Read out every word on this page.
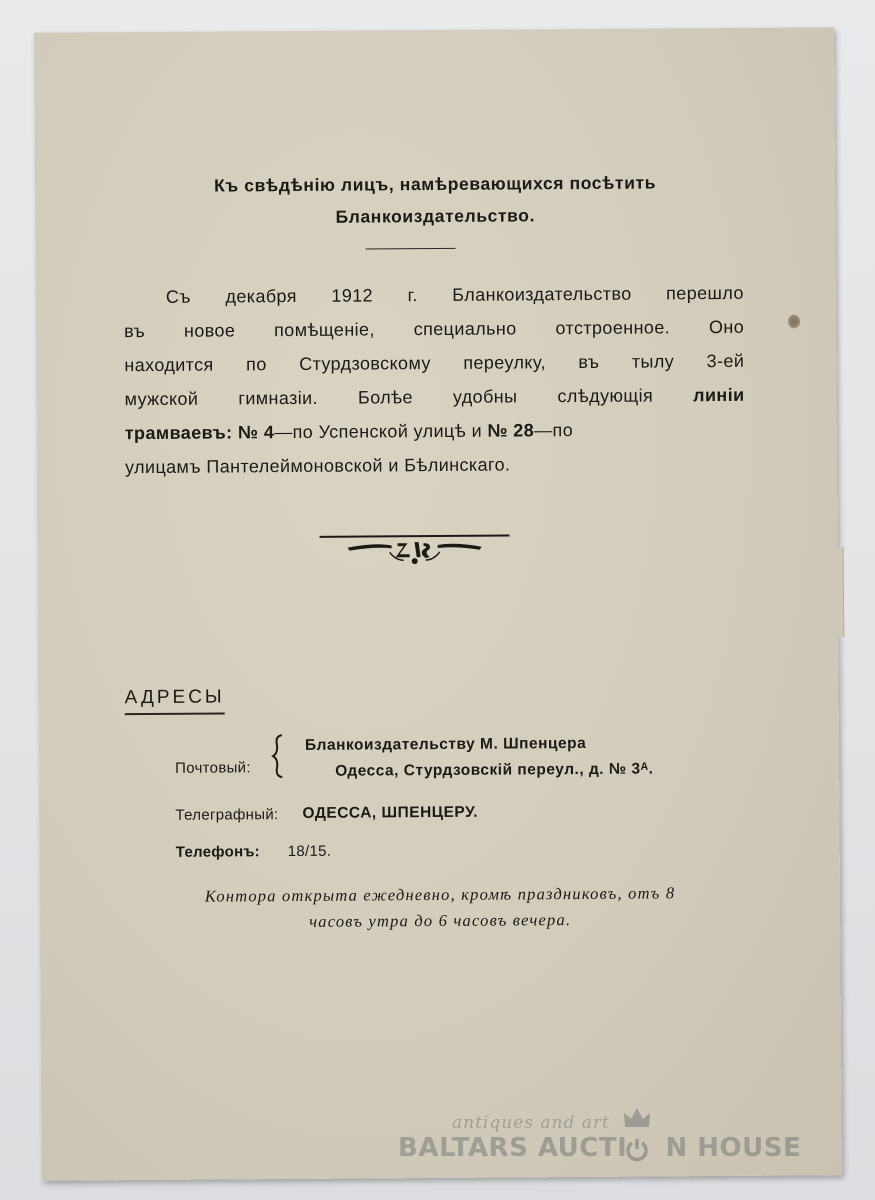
Къ свѣдѣнію лицъ, намѣревающихся посѣтить
Бланкоиздательство.
Съ декабря 1912 г. Бланкоиздательство перешло
въ новое помѣщеніе, специально отстроенное. Оно
находится по Стурдзовскому переулку, въ тылу 3-ей
мужской гимназіи. Болѣе удобны слѣдующія линіи
трамваевъ: № 4—по Успенской улицѣ и № 28—по
улицамъ Пантелеймоновской и Бѣлинскаго.
АДРЕСЫ
Почтовый:
Бланкоиздательству М. Шпенцера
Одесса, Стурдзовскій переул., д. № 3ᴬ.
Телеграфный: ОДЕССА, ШПЕНЦЕРУ.
Телефонъ: 18/15.
Контора открыта ежедневно, кромѣ праздниковъ, отъ 8
часовъ утра до 6 часовъ вечера.
antiques and art
BALTARS AUCTI    N HOUSE
